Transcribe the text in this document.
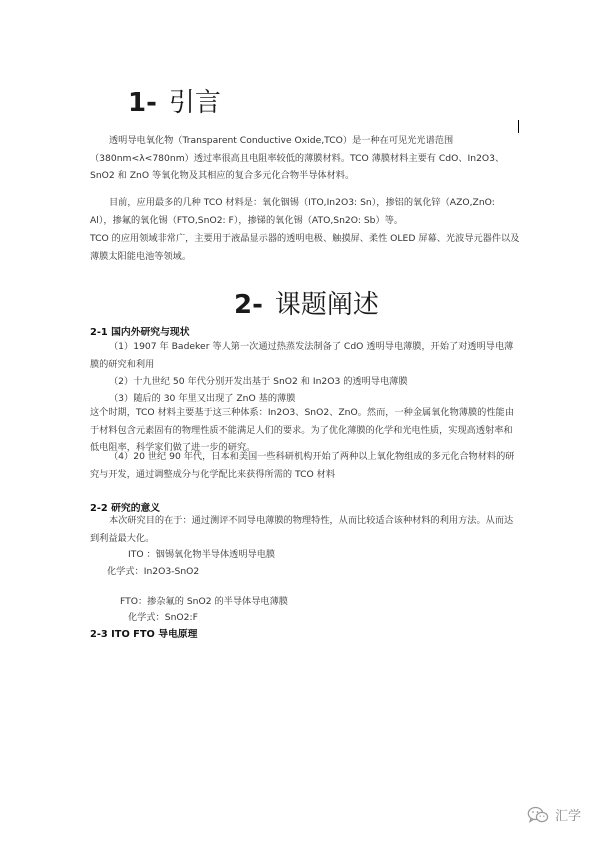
1- 引言

透明导电氧化物（Transparent Conductive Oxide,TCO）是一种在可见光光谱范围（380nm<λ<780nm）透过率很高且电阻率较低的薄膜材料。TCO 薄膜材料主要有 CdO、In2O3、SnO2 和 ZnO 等氧化物及其相应的复合多元化合物半导体材料。

目前，应用最多的几种 TCO 材料是：氧化铟锡（ITO,In2O3: Sn），掺铝的氧化锌（AZO,ZnO: Al），掺氟的氧化锡（FTO,SnO2: F），掺锑的氧化锡（ATO,Sn2O: Sb）等。

TCO 的应用领域非常广，主要用于液晶显示器的透明电极、触摸屏、柔性 OLED 屏幕、光波导元器件以及薄膜太阳能电池等领域。

2- 课题阐述
2-1 国内外研究与现状

（1）1907 年 Badeker 等人第一次通过热蒸发法制备了 CdO 透明导电薄膜，开始了对透明导电薄膜的研究和利用

（2）十九世纪 50 年代分别开发出基于 SnO2 和 In2O3 的透明导电薄膜

（3）随后的 30 年里又出现了 ZnO 基的薄膜

这个时期，TCO 材料主要基于这三种体系：In2O3、SnO2、ZnO。然而，一种金属氧化物薄膜的性能由于材料包含元素固有的物理性质不能满足人们的要求。为了优化薄膜的化学和光电性质，实现高透射率和低电阻率，科学家们做了进一步的研究。

（4）20 世纪 90 年代，日本和美国一些科研机构开始了两种以上氧化物组成的多元化合物材料的研究与开发，通过调整成分与化学配比来获得所需的 TCO 材料

2-2 研究的意义

本次研究目的在于：通过测评不同导电薄膜的物理特性，从而比较适合该种材料的利用方法。从而达到利益最大化。

ITO ：铟锡氧化物半导体透明导电膜
化学式：In2O3-SnO2
FTO：掺杂氟的 SnO2 的半导体导电薄膜
化学式：SnO2:F
2-3 ITO FTO 导电原理
汇学
